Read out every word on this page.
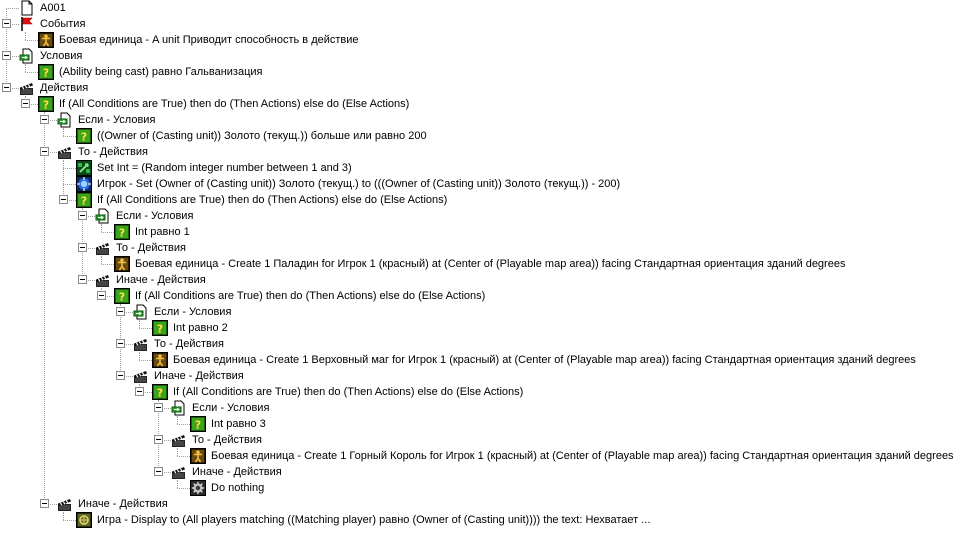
A001
События
Боевая единица - A unit Приводит способность в действие
Условия
? (Ability being cast) равно Гальванизация
Действия
? If (All Conditions are True) then do (Then Actions) else do (Else Actions)
Если - Условия
? ((Owner of (Casting unit)) Золото (текущ.)) больше или равно 200
То - Действия
Set Int = (Random integer number between 1 and 3)
Игрок - Set (Owner of (Casting unit)) Золото (текущ.) to (((Owner of (Casting unit)) Золото (текущ.)) - 200)
? If (All Conditions are True) then do (Then Actions) else do (Else Actions)
Если - Условия
? Int равно 1
То - Действия
Боевая единица - Create 1 Паладин for Игрок 1 (красный) at (Center of (Playable map area)) facing Стандартная ориентация зданий degrees
Иначе - Действия
? If (All Conditions are True) then do (Then Actions) else do (Else Actions)
Если - Условия
? Int равно 2
То - Действия
Боевая единица - Create 1 Верховный маг for Игрок 1 (красный) at (Center of (Playable map area)) facing Стандартная ориентация зданий degrees
Иначе - Действия
? If (All Conditions are True) then do (Then Actions) else do (Else Actions)
Если - Условия
? Int равно 3
То - Действия
Боевая единица - Create 1 Горный Король for Игрок 1 (красный) at (Center of (Playable map area)) facing Стандартная ориентация зданий degrees
Иначе - Действия
Do nothing
Иначе - Действия
Игра - Display to (All players matching ((Matching player) равно (Owner of (Casting unit)))) the text: Нехватает ...
